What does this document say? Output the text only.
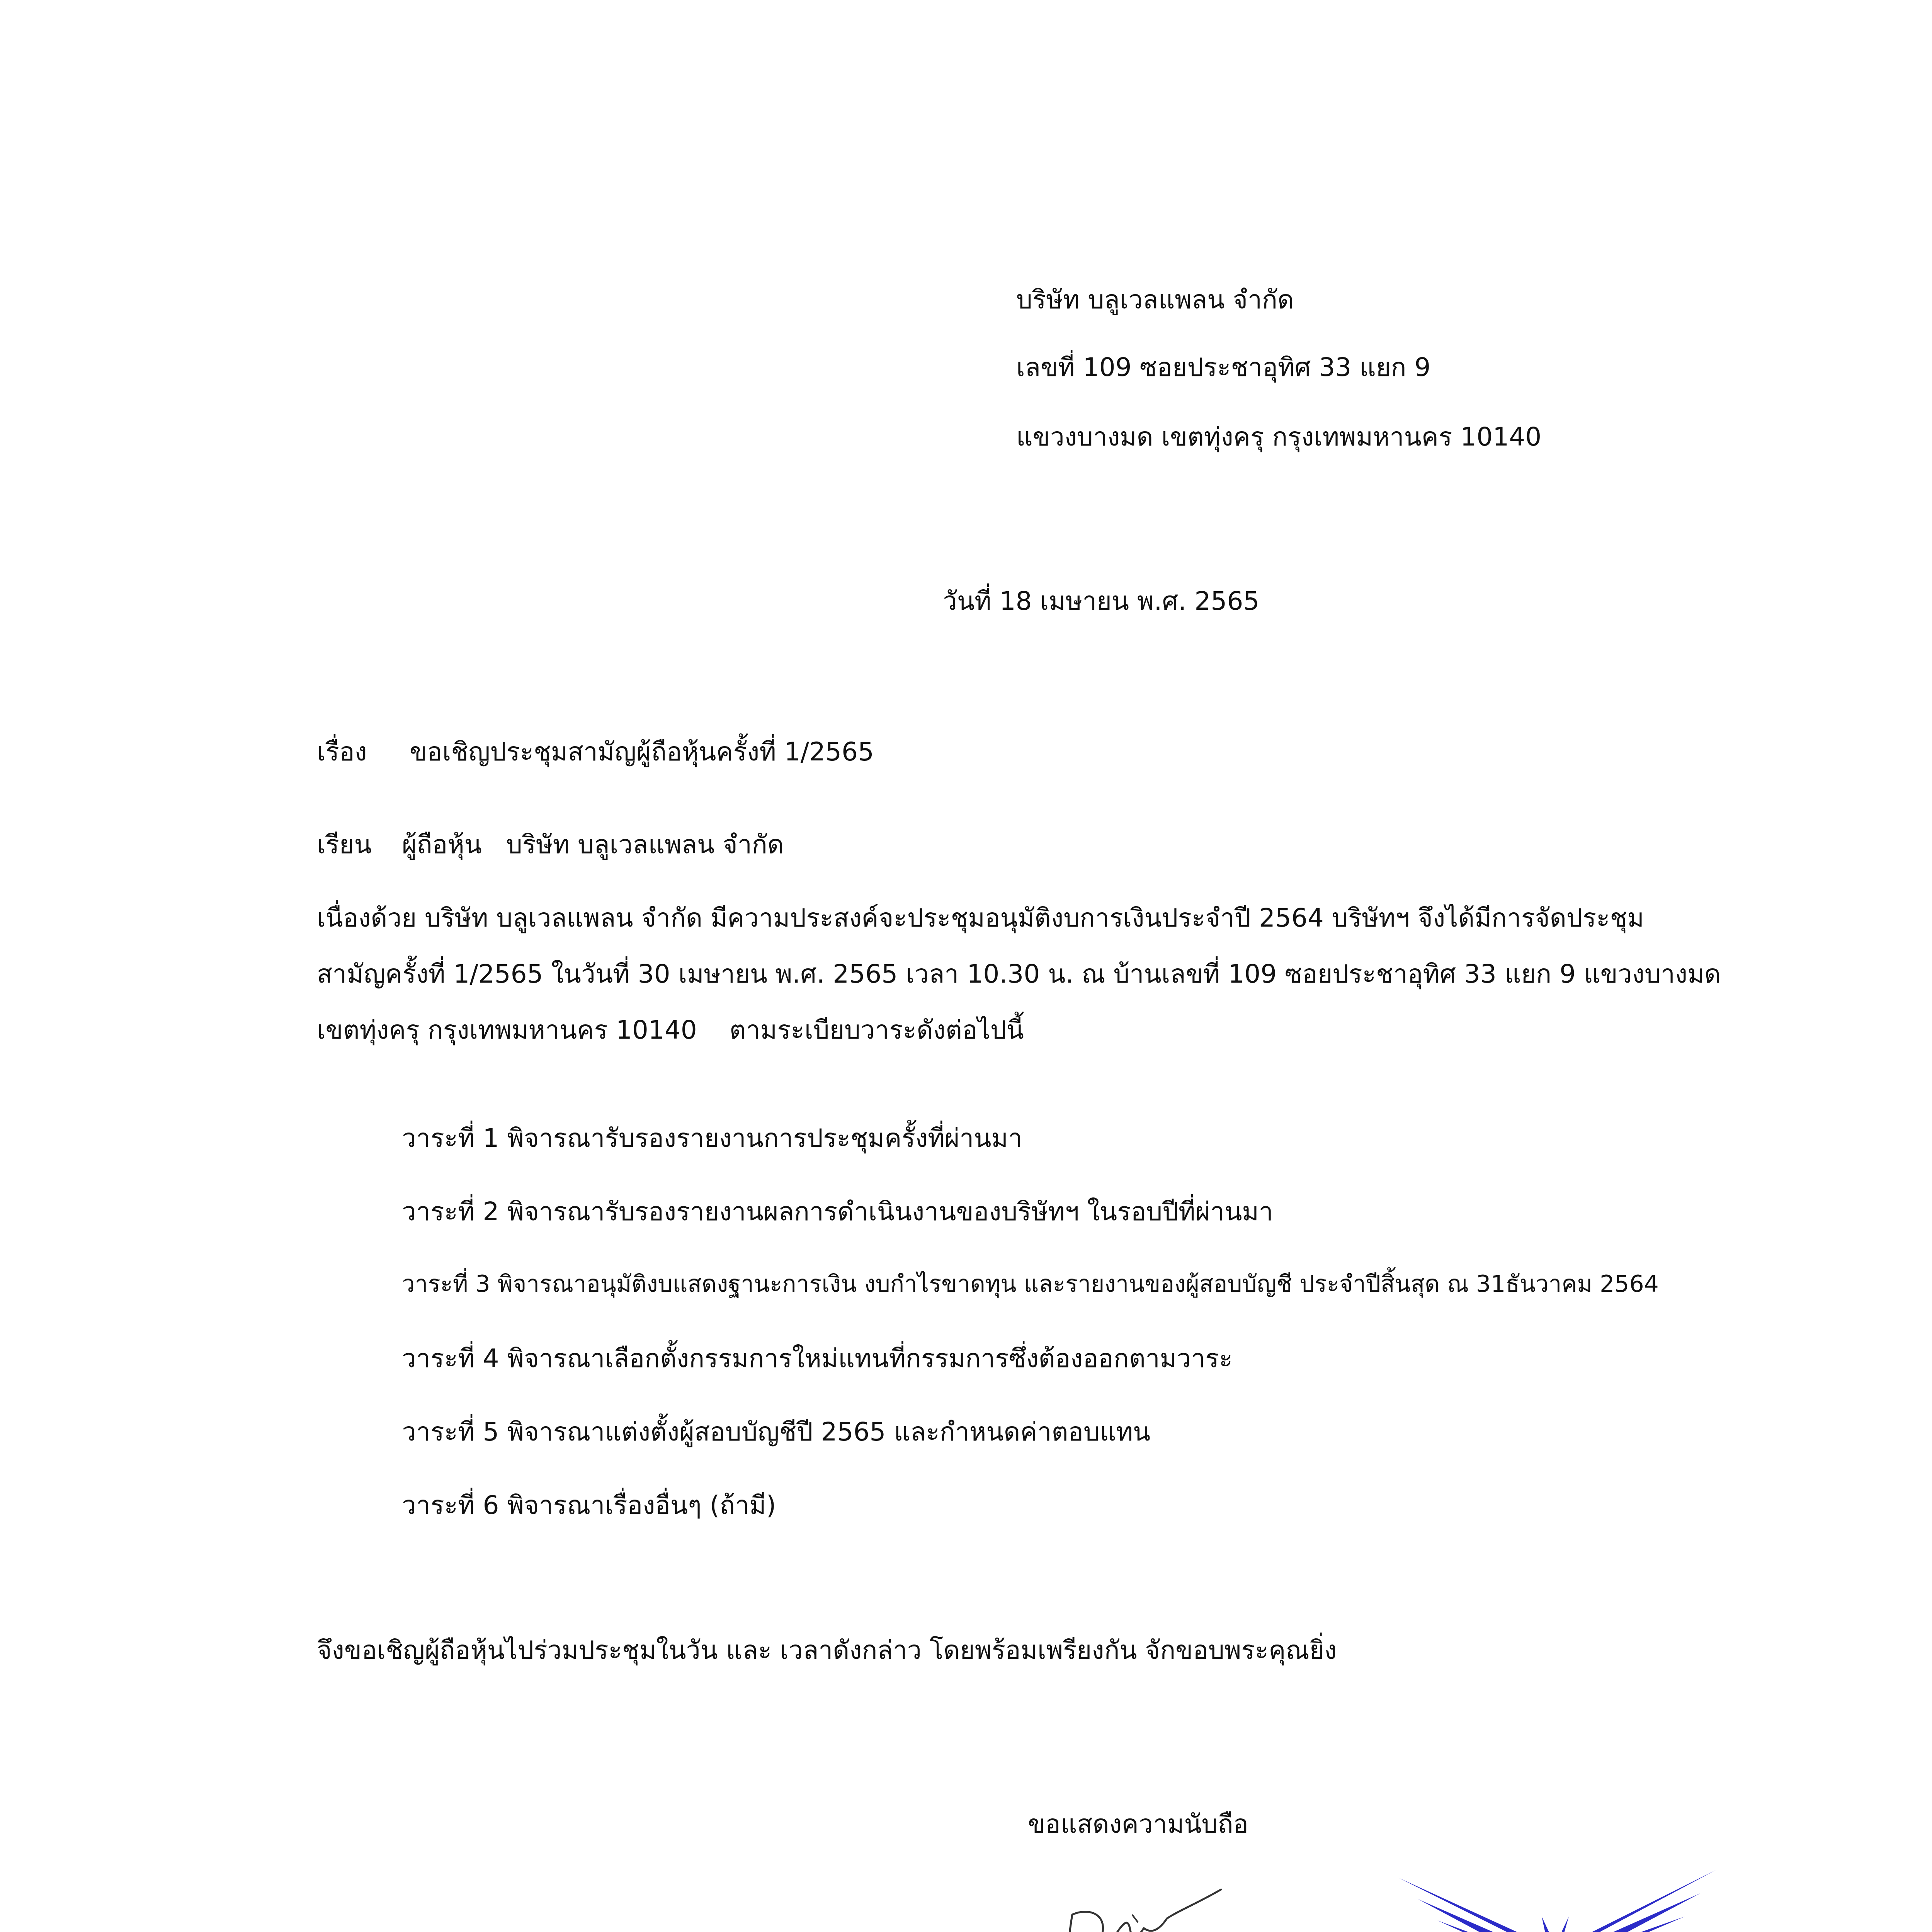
บริษัท บลูเวลแพลน จำกัด
เลขที่ 109 ซอยประชาอุทิศ 33 แยก 9
แขวงบางมด เขตทุ่งครุ กรุงเทพมหานคร 10140
วันที่ 18 เมษายน พ.ศ. 2565
เรื่อง ขอเชิญประชุมสามัญผู้ถือหุ้นครั้งที่ 1/2565
เรียน ผู้ถือหุ้น   บริษัท บลูเวลแพลน จำกัด
เนื่องด้วย บริษัท บลูเวลแพลน จำกัด มีความประสงค์จะประชุมอนุมัติงบการเงินประจำปี 2564 บริษัทฯ จึงได้มีการจัดประชุม
สามัญครั้งที่ 1/2565 ในวันที่ 30 เมษายน พ.ศ. 2565 เวลา 10.30 น. ณ บ้านเลขที่ 109 ซอยประชาอุทิศ 33 แยก 9 แขวงบางมด
เขตทุ่งครุ กรุงเทพมหานคร 10140    ตามระเบียบวาระดังต่อไปนี้
วาระที่ 1 พิจารณารับรองรายงานการประชุมครั้งที่ผ่านมา
วาระที่ 2 พิจารณารับรองรายงานผลการดำเนินงานของบริษัทฯ ในรอบปีที่ผ่านมา
วาระที่ 3 พิจารณาอนุมัติงบแสดงฐานะการเงิน งบกำไรขาดทุน และรายงานของผู้สอบบัญชี ประจำปีสิ้นสุด ณ 31ธันวาคม 2564
วาระที่ 4 พิจารณาเลือกตั้งกรรมการใหม่แทนที่กรรมการซึ่งต้องออกตามวาระ
วาระที่ 5 พิจารณาแต่งตั้งผู้สอบบัญชีปี 2565 และกำหนดค่าตอบแทน
วาระที่ 6 พิจารณาเรื่องอื่นๆ (ถ้ามี)
จึงขอเชิญผู้ถือหุ้นไปร่วมประชุมในวัน และ เวลาดังกล่าว โดยพร้อมเพรียงกัน จักขอบพระคุณยิ่ง
ขอแสดงความนับถือ
